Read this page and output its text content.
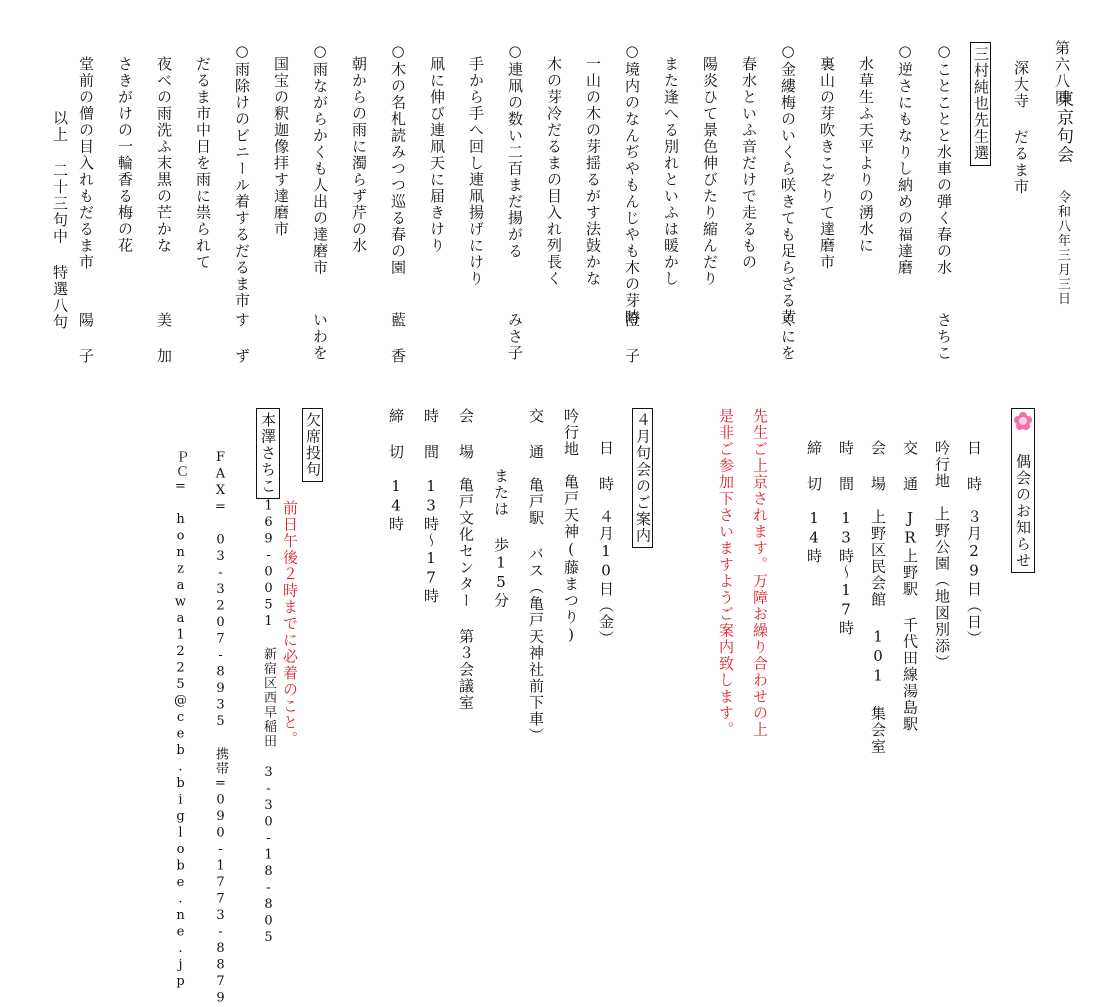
第六八四
東京句会
令和八年三月三日
深大寺 だるま市
三村純也先生選
○ことことと水車の弾く春の水
さちこ
○逆さにもなりし納めの福達磨
水草生ふ天平よりの湧水に
裏山の芽吹きこぞりて達磨市
○金縷梅のいくら咲きても足らざる黄
くにを
春水といふ音だけで走るもの
陽炎ひて景色伸びたり縮んだり
また逢へる別れといふは暖かし
○境内のなんぢやもんじやも木の芽時
澄 子
一山の木の芽揺るがす法鼓かな
木の芽冷だるまの目入れ列長く
○連凧の数い二百まだ揚がる
みさ子
手から手へ回し連凧揚げにけり
凧に伸び連凧天に届きけり
○木の名札読みつつ巡る春の園
藍 香
朝からの雨に濁らず芹の水
○雨ながらかくも人出の達磨市
いわを
国宝の釈迦像拝す達磨市
○雨除けのビニール着するだるま市
す ず
だるま市中日を雨に祟られて
夜べの雨洗ふ末黒の芒かな
美 加
さきがけの一輪香る梅の花
堂前の僧の目入れもだるま市
陽 子
以上 二十三句中 特選八句
偶会のお知らせ
日 時　３月29日（日）
吟行地　上野公園（地図別添）
交 通　JR上野駅 千代田線湯島駅
会 場　上野区民会館 101 集会室
時 間　13時〜17時
締 切　14時
先生ご上京されます。万障お繰り合わせの上
是非ご参加下さいますようご案内致します。
４月句会のご案内
日 時　４月10日（金）
吟行地　亀戸天神(藤まつり)
交 通　亀戸駅 バス（亀戸天神社前下車）
または 歩15分
会 場　亀戸文化センター 第３会議室
時 間　13時〜17時
締 切　14時
欠席投句
前日午後２時までに必着のこと。
本澤さちこ169-0051 新宿区西早稲田 3-30-18-805
FAX= 03-3207-8935 携帯=090-1773-8879
ＰＣ= honzawa1225@ceb.biglobe.ne.jp
